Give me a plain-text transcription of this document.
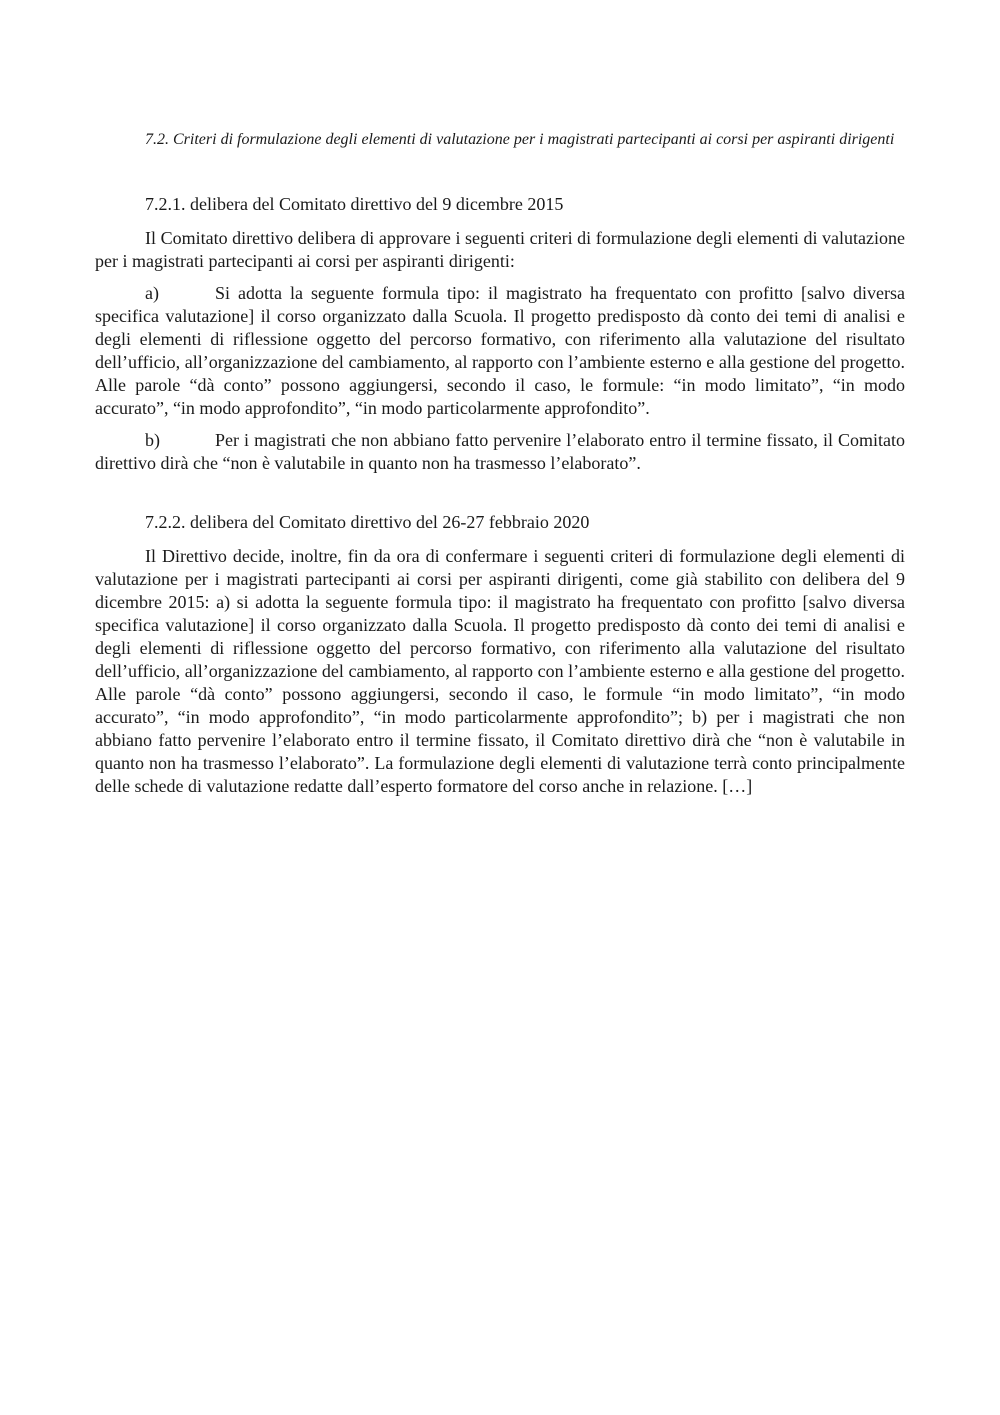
7.2. Criteri di formulazione degli elementi di valutazione per i magistrati partecipanti ai corsi per aspiranti dirigenti
7.2.1. delibera del Comitato direttivo del 9 dicembre 2015

Il Comitato direttivo delibera di approvare i seguenti criteri di formulazione degli elementi di valutazione per i magistrati partecipanti ai corsi per aspiranti dirigenti:

a)	Si adotta la seguente formula tipo: il magistrato ha frequentato con profitto [salvo diversa specifica valutazione] il corso organizzato dalla Scuola. Il progetto predisposto dà conto dei temi di analisi e degli elementi di riflessione oggetto del percorso formativo, con riferimento alla valutazione del risultato dell’ufficio, all’organizzazione del cambiamento, al rapporto con l’ambiente esterno e alla gestione del progetto. Alle parole “dà conto” possono aggiungersi, secondo il caso, le formule: “in modo limitato”, “in modo accurato”, “in modo approfondito”, “in modo particolarmente approfondito”.
b)	Per i magistrati che non abbiano fatto pervenire l’elaborato entro il termine fissato, il Comitato direttivo dirà che “non è valutabile in quanto non ha trasmesso l’elaborato”.
7.2.2. delibera del Comitato direttivo del 26-27 febbraio 2020

Il Direttivo decide, inoltre, fin da ora di confermare i seguenti criteri di formulazione degli elementi di valutazione per i magistrati partecipanti ai corsi per aspiranti dirigenti, come già stabilito con delibera del 9 dicembre 2015: a) si adotta la seguente formula tipo: il magistrato ha frequentato con profitto [salvo diversa specifica valutazione] il corso organizzato dalla Scuola. Il progetto predisposto dà conto dei temi di analisi e degli elementi di riflessione oggetto del percorso formativo, con riferimento alla valutazione del risultato dell’ufficio, all’organizzazione del cambiamento, al rapporto con l’ambiente esterno e alla gestione del progetto. Alle parole “dà conto” possono aggiungersi, secondo il caso, le formule “in modo limitato”, “in modo accurato”, “in modo approfondito”, “in modo particolarmente approfondito”; b) per i magistrati che non abbiano fatto pervenire l’elaborato entro il termine fissato, il Comitato direttivo dirà che “non è valutabile in quanto non ha trasmesso l’elaborato”. La formulazione degli elementi di valutazione terrà conto principalmente delle schede di valutazione redatte dall’esperto formatore del corso anche in relazione. […]
